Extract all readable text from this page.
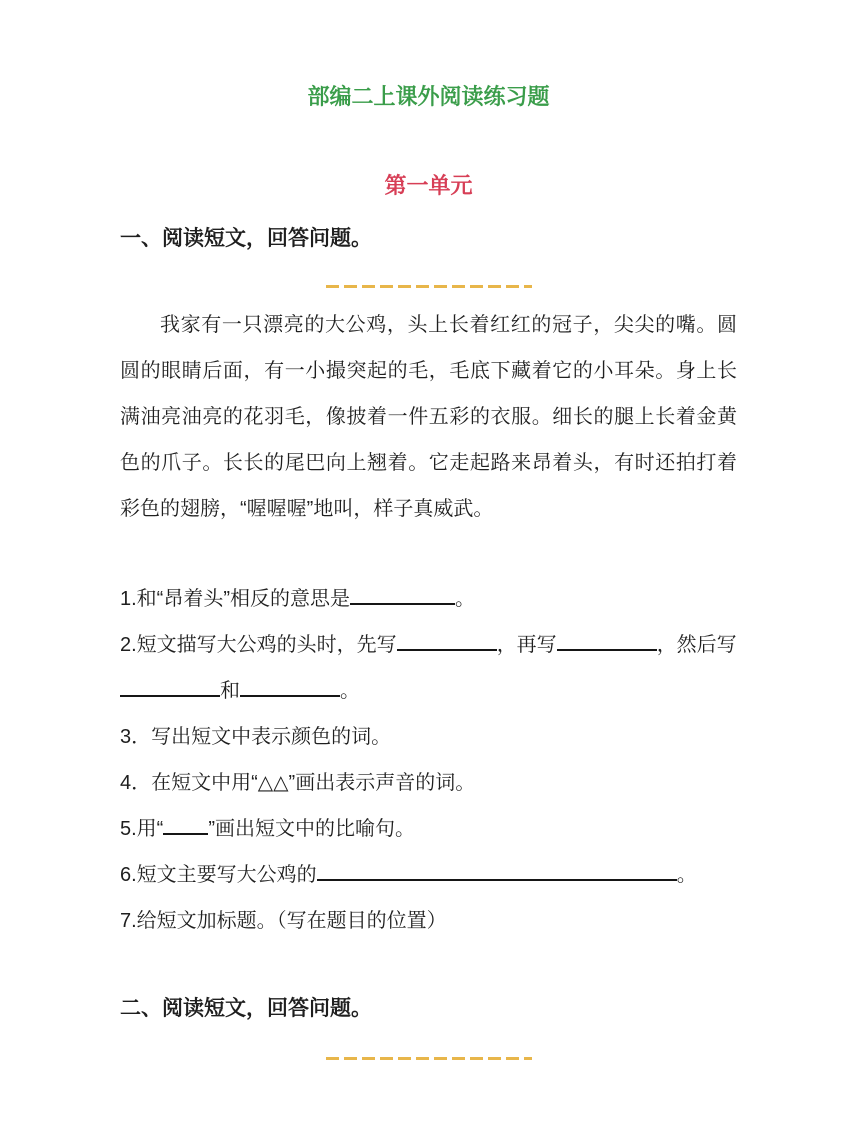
部编二上课外阅读练习题
第一单元
一、阅读短文，回答问题。

我家有一只漂亮的大公鸡，头上长着红红的冠子，尖尖的嘴。圆圆的眼睛后面，有一小撮突起的毛，毛底下藏着它的小耳朵。身上长满油亮油亮的花羽毛，像披着一件五彩的衣服。细长的腿上长着金黄色的爪子。长长的尾巴向上翘着。它走起路来昂着头，有时还拍打着彩色的翅膀，“喔喔喔”地叫，样子真威武。

1.和“昂着头”相反的意思是	。

2.短文描写大公鸡的头时，先写	，再写	，然后写和	。

3．写出短文中表示颜色的词。

4．在短文中用“△△”画出表示声音的词。

5.用“ ”画出短文中的比喻句。

6.短文主要写大公鸡的	。

7.给短文加标题。（写在题目的位置）

二、阅读短文，回答问题。
